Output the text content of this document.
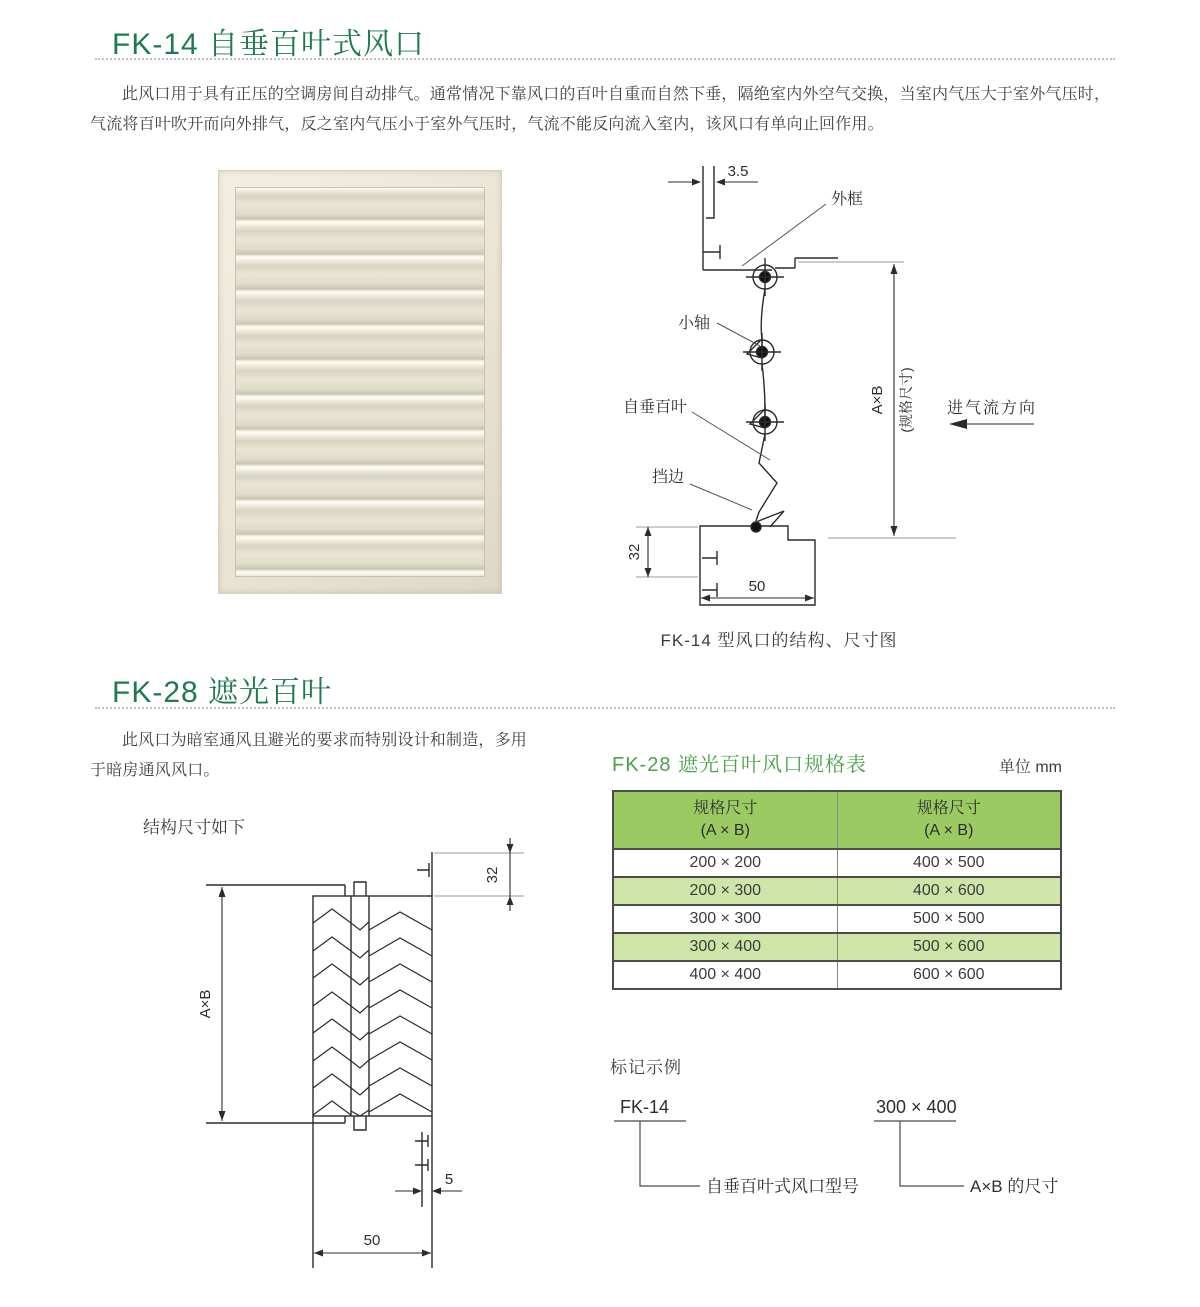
FK-14 自垂百叶式风口

此风口用于具有正压的空调房间自动排气。通常情况下靠风口的百叶自重而自然下垂，隔绝室内外空气交换，当室内气压大于室外气压时，气流将百叶吹开而向外排气，反之室内气压小于室外气压时，气流不能反向流入室内，该风口有单向止回作用。

3.5
外框
小轴
自垂百叶
挡边
32
50
A×B (规格尺寸) 进气流方向
FK-14 型风口的结构、尺寸图
FK-28 遮光百叶

此风口为暗室通风且避光的要求而特别设计和制造，多用于暗房通风风口。

结构尺寸如下
A×B
32
5
50
FK-28 遮光百叶风口规格表	单位 mm
规格尺寸
(A × B)

规格尺寸
(A × B)

200 × 200	400 × 500
200 × 300	400 × 600
300 × 300	500 × 500
300 × 400	500 × 600
400 × 400	600 × 600
标记示例
FK-14
自垂百叶式风口型号
300 × 400
A×B 的尺寸
